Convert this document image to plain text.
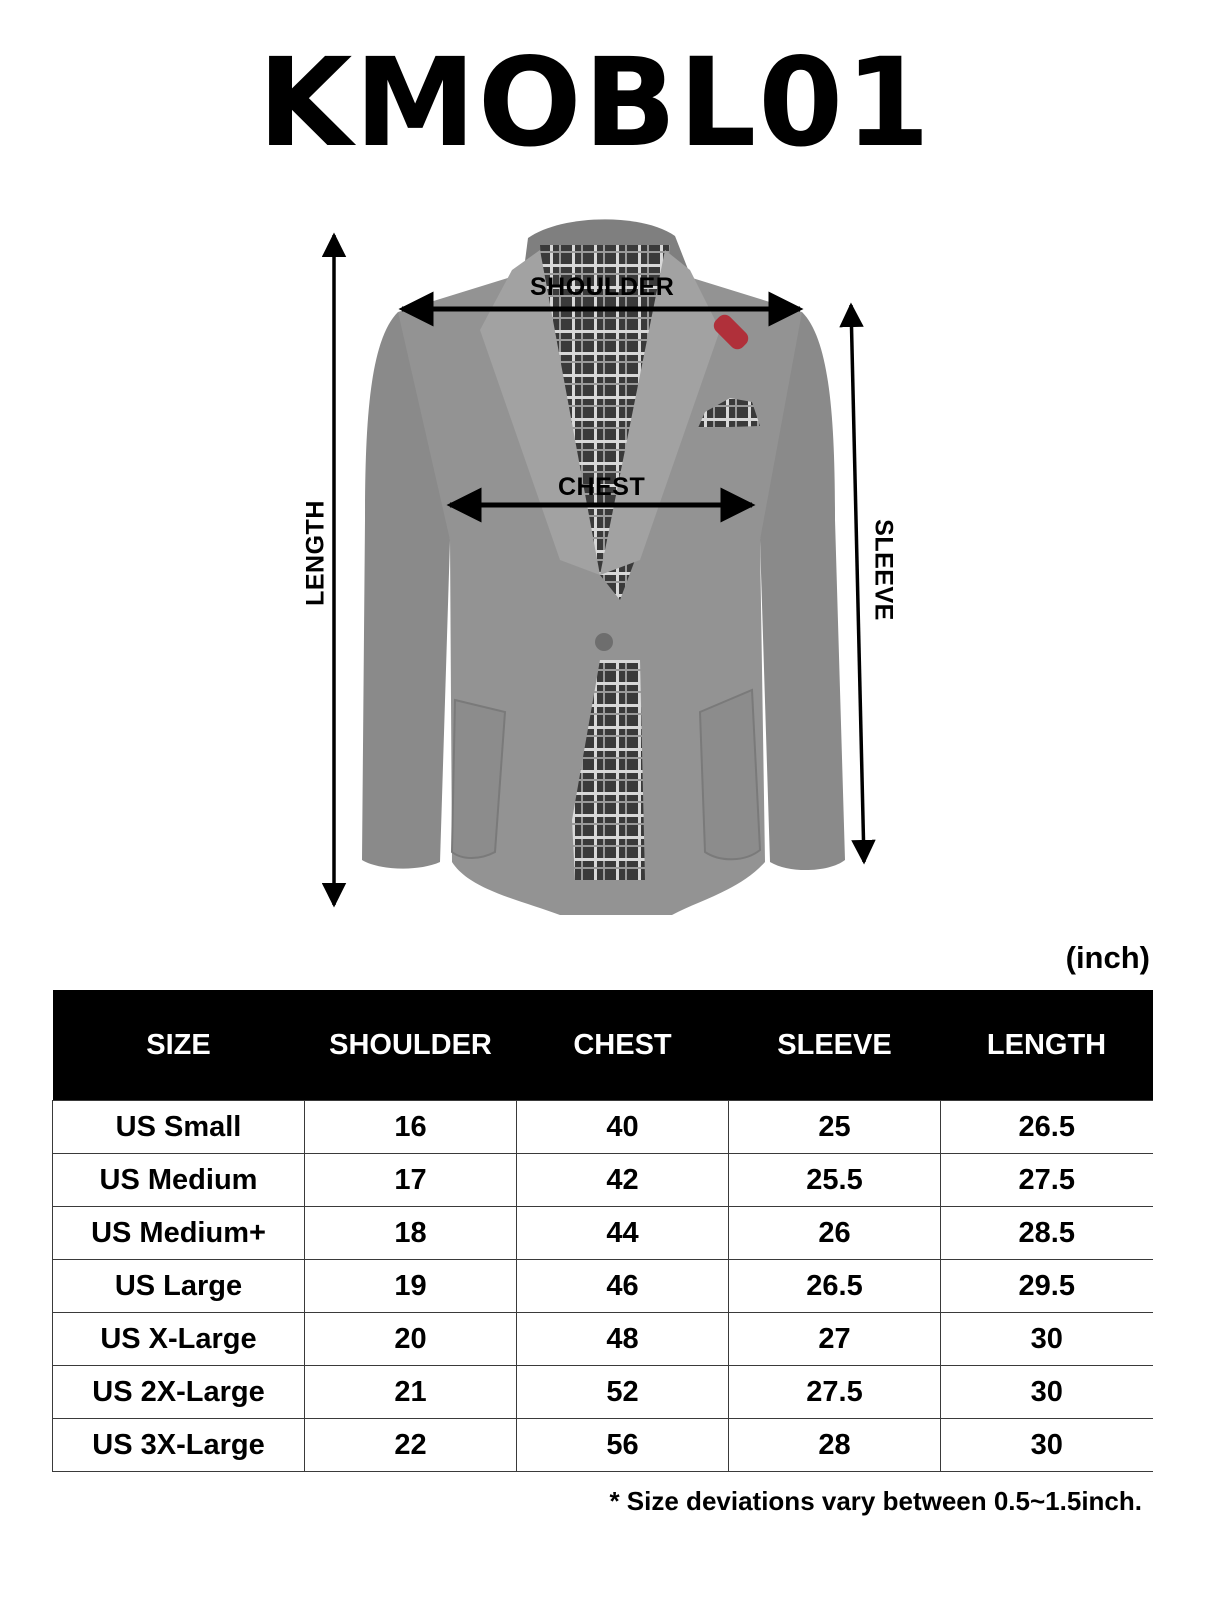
KMOBL01
SHOULDER
CHEST
LENGTH	SLEEVE
(inch)
SIZE	SHOULDER	CHEST	SLEEVE	LENGTH
US Small	16	40	25	26.5
US Medium	17	42	25.5	27.5
US Medium+	18	44	26	28.5
US Large	19	46	26.5	29.5
US X-Large	20	48	27	30
US 2X-Large	21	52	27.5	30
US 3X-Large	22	56	28	30
* Size deviations vary between 0.5~1.5inch.
